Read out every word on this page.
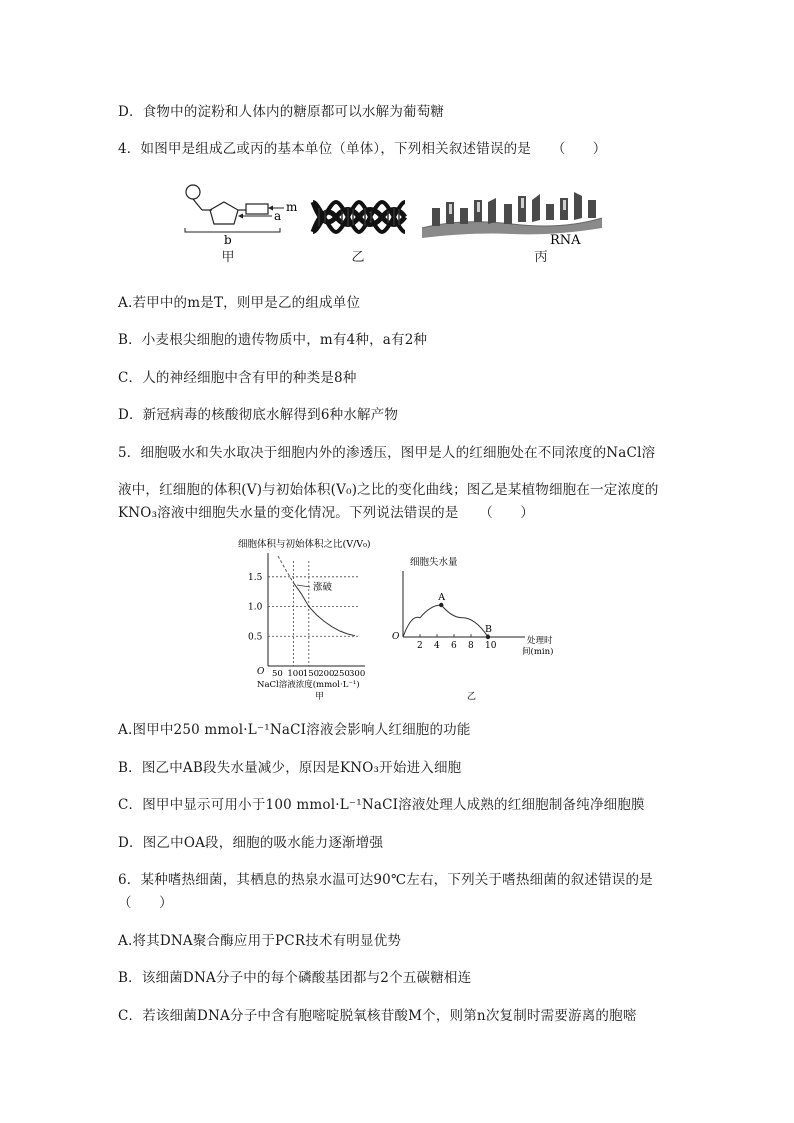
D．食物中的淀粉和人体内的糖原都可以水解为葡萄糖
4．如图甲是组成乙或丙的基本单位（单体），下列相关叙述错误的是　　（　　）
m
a
b	RNA
甲	乙	丙
A.若甲中的m是T，则甲是乙的组成单位
B．小麦根尖细胞的遗传物质中，m有4种，a有2种
C．人的神经细胞中含有甲的种类是8种
D．新冠病毒的核酸彻底水解得到6种水解产物
5．细胞吸水和失水取决于细胞内外的渗透压，图甲是人的红细胞处在不同浓度的NaCl溶
液中，红细胞的体积(V)与初始体积(V₀)之比的变化曲线；图乙是某植物细胞在一定浓度的
KNO₃溶液中细胞失水量的变化情况。下列说法错误的是　　（　　）
细胞体积与初始体积之比(V/V₀)
O
0.5
1.0
1.5
50 100 150 200 250 300
涨破
NaCl溶液浓度(mmol·L⁻¹)
甲
细胞失水量
O
2 4 6 8 10
A
B
处理时 间(min)
乙
A.图甲中250 mmol·L⁻¹NaCI溶液会影响人红细胞的功能
B．图乙中AB段失水量减少，原因是KNO₃开始进入细胞
C．图甲中显示可用小于100 mmol·L⁻¹NaCI溶液处理人成熟的红细胞制备纯净细胞膜
D．图乙中OA段，细胞的吸水能力逐渐增强
6．某种嗜热细菌，其栖息的热泉水温可达90℃左右，下列关于嗜热细菌的叙述错误的是
（　　）
A.将其DNA聚合酶应用于PCR技术有明显优势
B．该细菌DNA分子中的每个磷酸基团都与2个五碳糖相连
C．若该细菌DNA分子中含有胞嘧啶脱氧核苷酸M个，则第n次复制时需要游离的胞嘧
